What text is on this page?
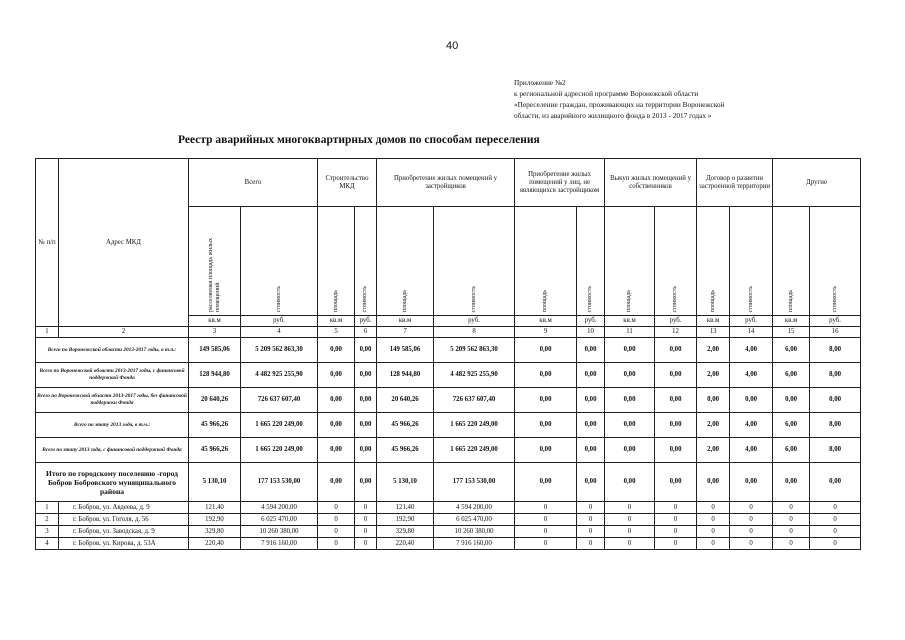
40
Приложение №2
к региональной адресной программе Воронежской области
«Переселение граждан, проживающих на территории Воронежской
области, из аварийного жилищного фонда в 2013 - 2017 годах »
Реестр аварийных многоквартирных домов по способам переселения
№ п/п	Адрес МКД	Всего		Строительство МКД		Приобретение жилых помещений у застройщиков		Приобретение жилых помещений у лиц, не являющихся застройщиком		Выкуп жилых помещений у собственников		Договор о развитии застроенной территории		Другие	
		расселяемая площадь жилых помещений	стоимость	площадь	стоимость	площадь	стоимость	площадь	стоимость	площадь	стоимость	площадь	стоимость	площадь	стоимость
		кв.м	руб.	кв.м	руб.	кв.м	руб.	кв.м	руб.	кв.м	руб.	кв.м	руб.	кв.м	руб.
1	2	3	4	5	6	7	8	9	10	11	12	13	14	15	16
Всего по Воронежской области 2013-2017 годы, в т.ч.:		149 585,06	5 209 562 863,30	0,00	0,00	149 585,06	5 209 562 863,30	0,00	0,00	0,00	0,00	2,00	4,00	6,00	8,00
Всего по Воронежской области 2013-2017 годы, с финансовой поддержкой Фонда		128 944,80	4 482 925 255,90	0,00	0,00	128 944,80	4 482 925 255,90	0,00	0,00	0,00	0,00	2,00	4,00	6,00	8,00
Всего по Воронежской области 2013-2017 годы, без финансовой поддержки Фонда		20 640,26	726 637 607,40	0,00	0,00	20 640,26	726 637 607,40	0,00	0,00	0,00	0,00	0,00	0,00	0,00	0,00
Всего по этапу 2013 года, в т.ч.:		45 966,26	1 665 220 249,00	0,00	0,00	45 966,26	1 665 220 249,00	0,00	0,00	0,00	0,00	2,00	4,00	6,00	8,00
Всего по этапу 2013 года, с финансовой поддержкой Фонда		45 966,26	1 665 220 249,00	0,00	0,00	45 966,26	1 665 220 249,00	0,00	0,00	0,00	0,00	2,00	4,00	6,00	8,00
Итого по городскому поселению -город Бобров Бобровского муниципального района		5 130,10	177 153 530,00	0,00	0,00	5 130,10	177 153 530,00	0,00	0,00	0,00	0,00	0,00	0,00	0,00	0,00
1	г. Бобров, ул. Авдеева, д. 9	121,40	4 594 200,00	0	0	121,40	4 594 200,00	0	0	0	0	0	0	0	0
2	г. Бобров, ул. Гоголя, д. 56	192,90	6 025 470,00	0	0	192,90	6 025 470,00	0	0	0	0	0	0	0	0
3	г. Бобров, ул. Заводская, д. 9	329,80	10 260 380,00	0	0	329,80	10 260 380,00	0	0	0	0	0	0	0	0
4	г. Бобров, ул. Кирова, д. 53А	220,40	7 916 160,00	0	0	220,40	7 916 160,00	0	0	0	0	0	0	0	0
